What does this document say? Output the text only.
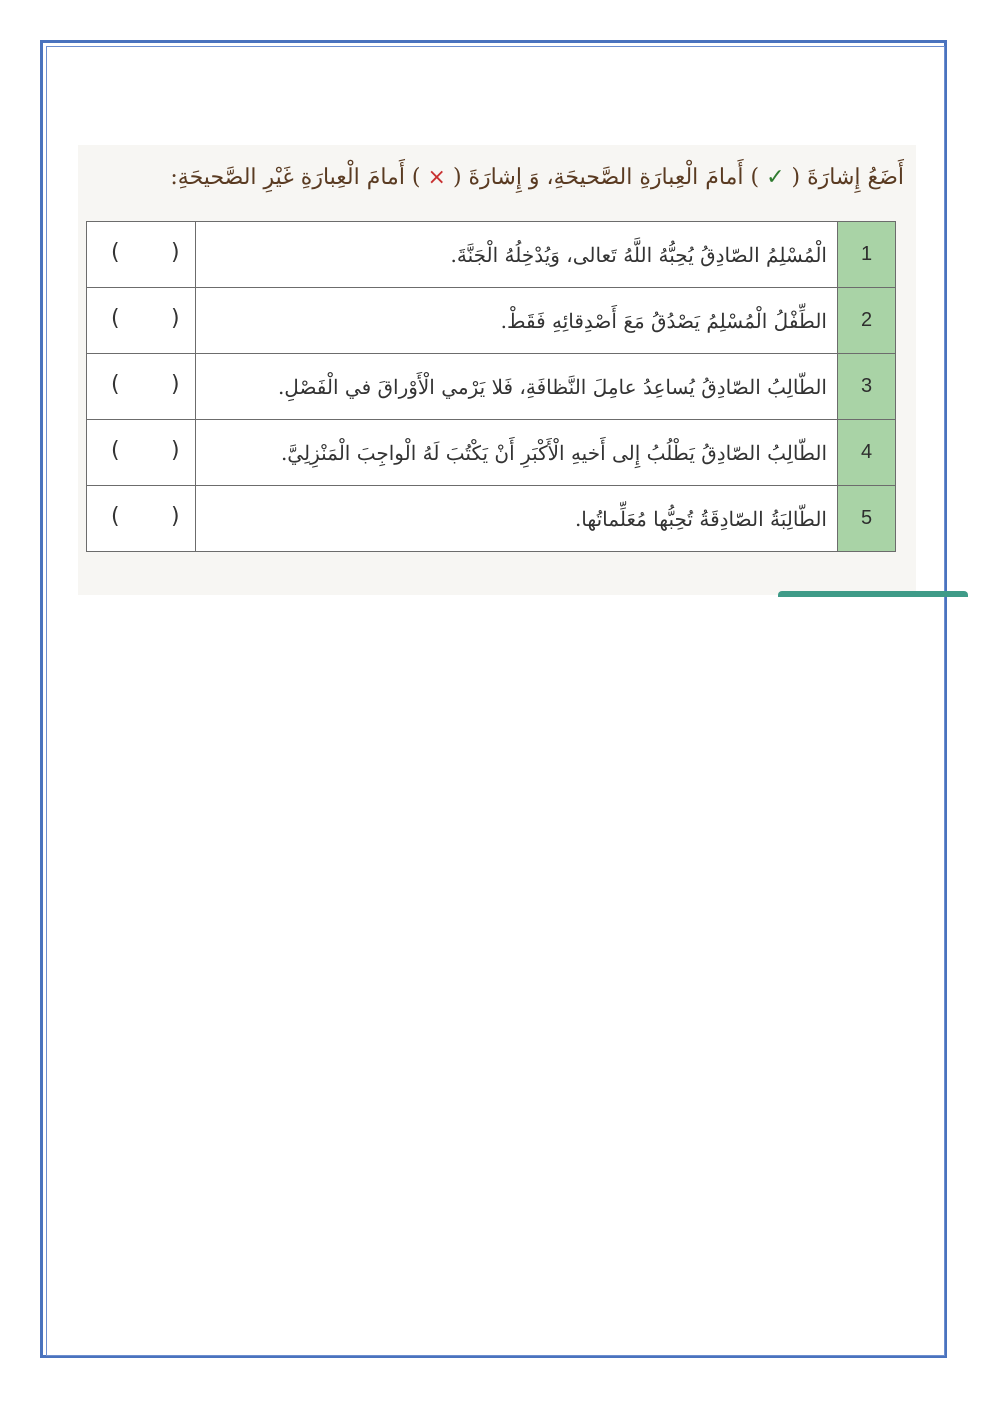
أَضَعُ إِشارَةَ ( ✓ ) أَمامَ الْعِبارَةِ الصَّحيحَةِ، وَ إِشارَةَ ( × ) أَمامَ الْعِبارَةِ غَيْرِ الصَّحيحَةِ:
)
(	الْمُسْلِمُ الصّادِقُ يُحِبُّهُ اللَّهُ تَعالى، وَيُدْخِلُهُ الْجَنَّةَ.	1

)
(	الطِّفْلُ الْمُسْلِمُ يَصْدُقُ مَعَ أَصْدِقائِهِ فَقَطْ.	2

)
(	الطّالِبُ الصّادِقُ يُساعِدُ عامِلَ النَّظافَةِ، فَلا يَرْمي الْأَوْراقَ في الْفَصْلِ.	3

)
(	الطّالِبُ الصّادِقُ يَطْلُبُ إِلى أَخيهِ الْأَكْبَرِ أَنْ يَكْتُبَ لَهُ الْواجِبَ الْمَنْزِلِيَّ.	4

)
(	الطّالِبَةُ الصّادِقَةُ تُحِبُّها مُعَلِّماتُها.	5
